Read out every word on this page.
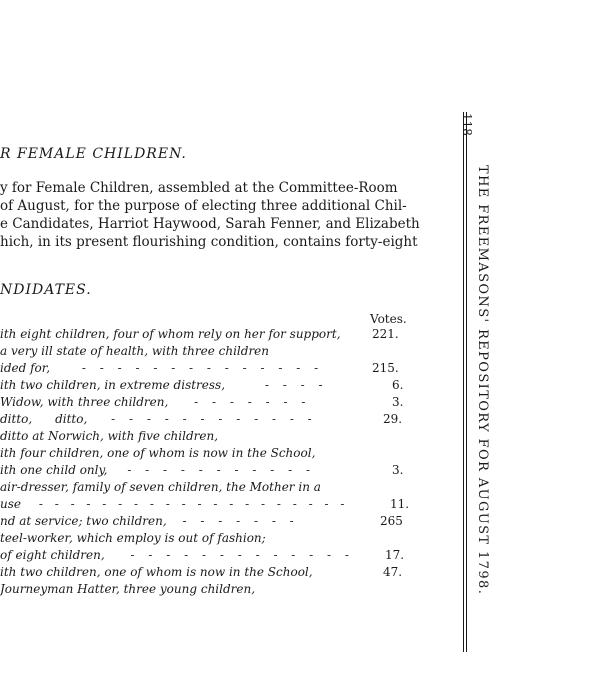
R FEMALE CHILDREN.
y for Female Children, assembled at the Committee-Room
of August, for the purpose of electing three additional Chil-
e Candidates, Harriot Haywood, Sarah Fenner, and Elizabeth
hich, in its present flourishing condition, contains forty-eight
NDIDATES.
Votes.
ith eight children, four of whom rely on her for support,	221.
a very ill state of health, with three children
ided for,	- - - - - - - - - - - - - -	215.
ith two children, in extreme distress,	- - - -	6.
Widow, with three children, - - - - - - -	3.
ditto,      ditto, - - - - - - - - - - - -	29.
ditto at Norwich, with five children,
ith four children, one of whom is now in the School,
ith one child only, - - - - - - - - - - -	3.
air-dresser, family of seven children, the Mother in a
use - - - - - - - - - - - - - - - - - - - -	11.
nd at service; two children, - - - - - - -	265
teel-worker, which employ is out of fashion;
of eight children, - - - - - - - - - - - - -	17.
ith two children, one of whom is now in the School,	47.
Journeyman Hatter, three young children,
118
THE FREEMASONS' REPOSITORY FOR AUGUST 1798.
